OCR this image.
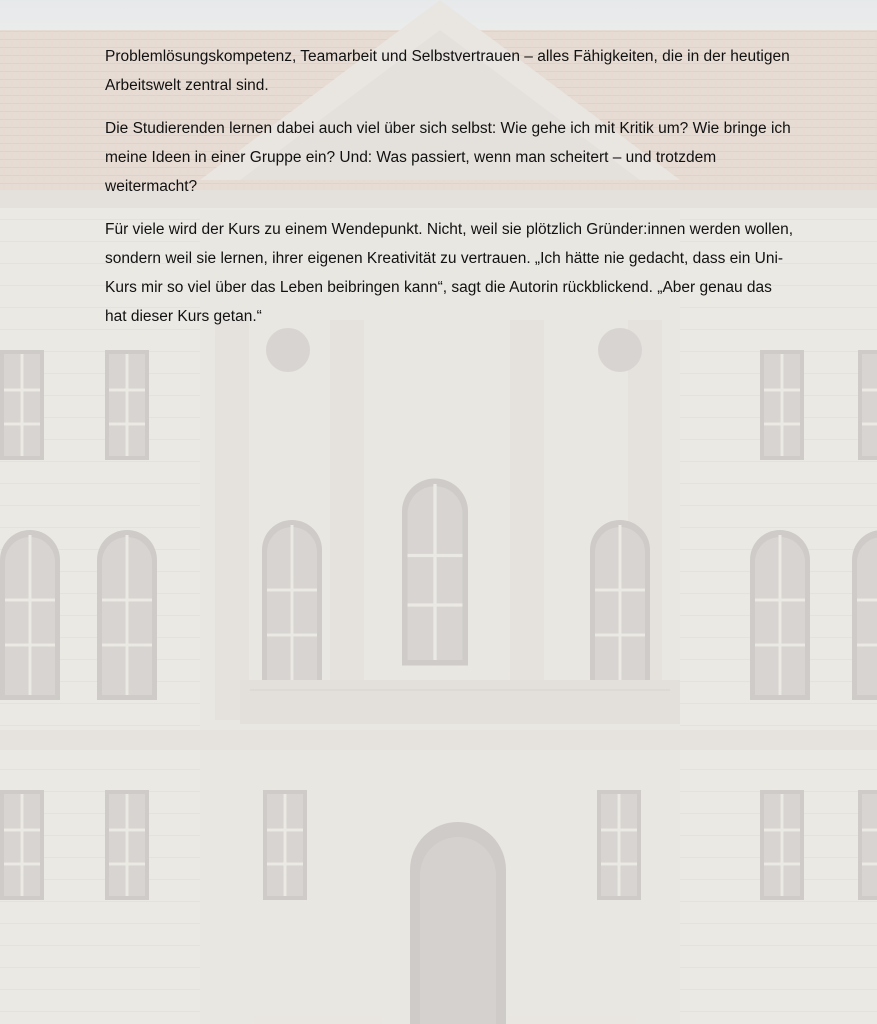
Problemlösungskompetenz, Teamarbeit und Selbstvertrauen – alles Fähigkeiten, die in der heutigen Arbeitswelt zentral sind.

Die Studierenden lernen dabei auch viel über sich selbst: Wie gehe ich mit Kritik um? Wie bringe ich meine Ideen in einer Gruppe ein? Und: Was passiert, wenn man scheitert – und trotzdem weitermacht?

Für viele wird der Kurs zu einem Wendepunkt. Nicht, weil sie plötzlich Gründer:innen werden wollen, sondern weil sie lernen, ihrer eigenen Kreativität zu vertrauen. „Ich hätte nie gedacht, dass ein Uni-Kurs mir so viel über das Leben beibringen kann“, sagt die Autorin rückblickend. „Aber genau das hat dieser Kurs getan.“
